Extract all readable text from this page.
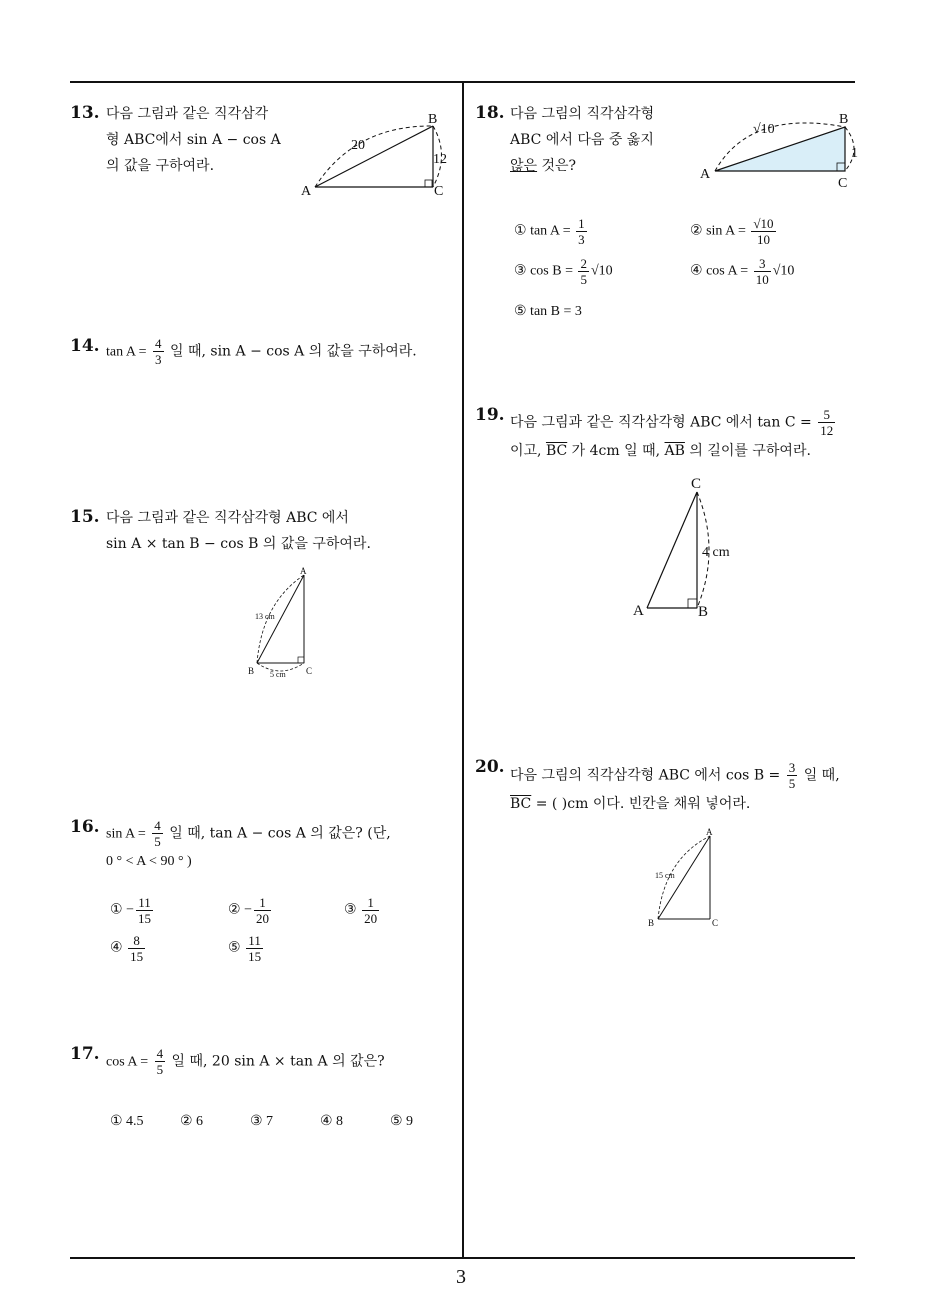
13. 다음 그림과 같은 직각삼각
형 ABC에서 sin A − cos A
의 값을 구하여라.
A
B
C
20
12
14. $\tan A = \frac{4}{3}$ 일 때, sin A − cos A 의 값을 구하여라.
15. 다음 그림과 같은 직각삼각형 ABC 에서
sin A × tan B − cos B 의 값을 구하여라.
A
B	C
13 cm
5 cm
16. $\sin A = \frac{4}{5}$ 일 때, tan A − cos A 의 값은? (단,
0 ° < A < 90 ° )
① − $\frac{11}{15}$	② − $\frac{1}{20}$	③ $\frac{1}{20}$
④ $\frac{8}{15}$	⑤ $\frac{11}{15}$
17. $\cos A = \frac{4}{5}$ 일 때, 20 sin A × tan A 의 값은?
① 4.5	② 6	③ 7	④ 8	⑤ 9
18. 다음 그림의 직각삼각형
ABC 에서 다음 중 옳지
않은 것은?
A
B
C
√10
1
① $\tan A = \frac{1}{3}$	② $\sin A = \frac{√10}{10}$
③ $\cos B = \frac{2}{5} √10$	④ $\cos A = \frac{3}{10} √10$
⑤ tan B = 3
19. 다음 그림과 같은 직각삼각형 ABC 에서 $\tan C = \frac{5}{12}$
이고, $\overline{BC}$ 가 4cm 일 때, $\overline{AB}$ 의 길이를 구하여라.
A	B
C
4 cm
20. 다음 그림의 직각삼각형 ABC 에서 $\cos B = \frac{3}{5}$ 일 때,
$\overline{BC}$ = ( )cm 이다. 빈칸을 채워 넣어라.
A
B	C
15 cm
3
